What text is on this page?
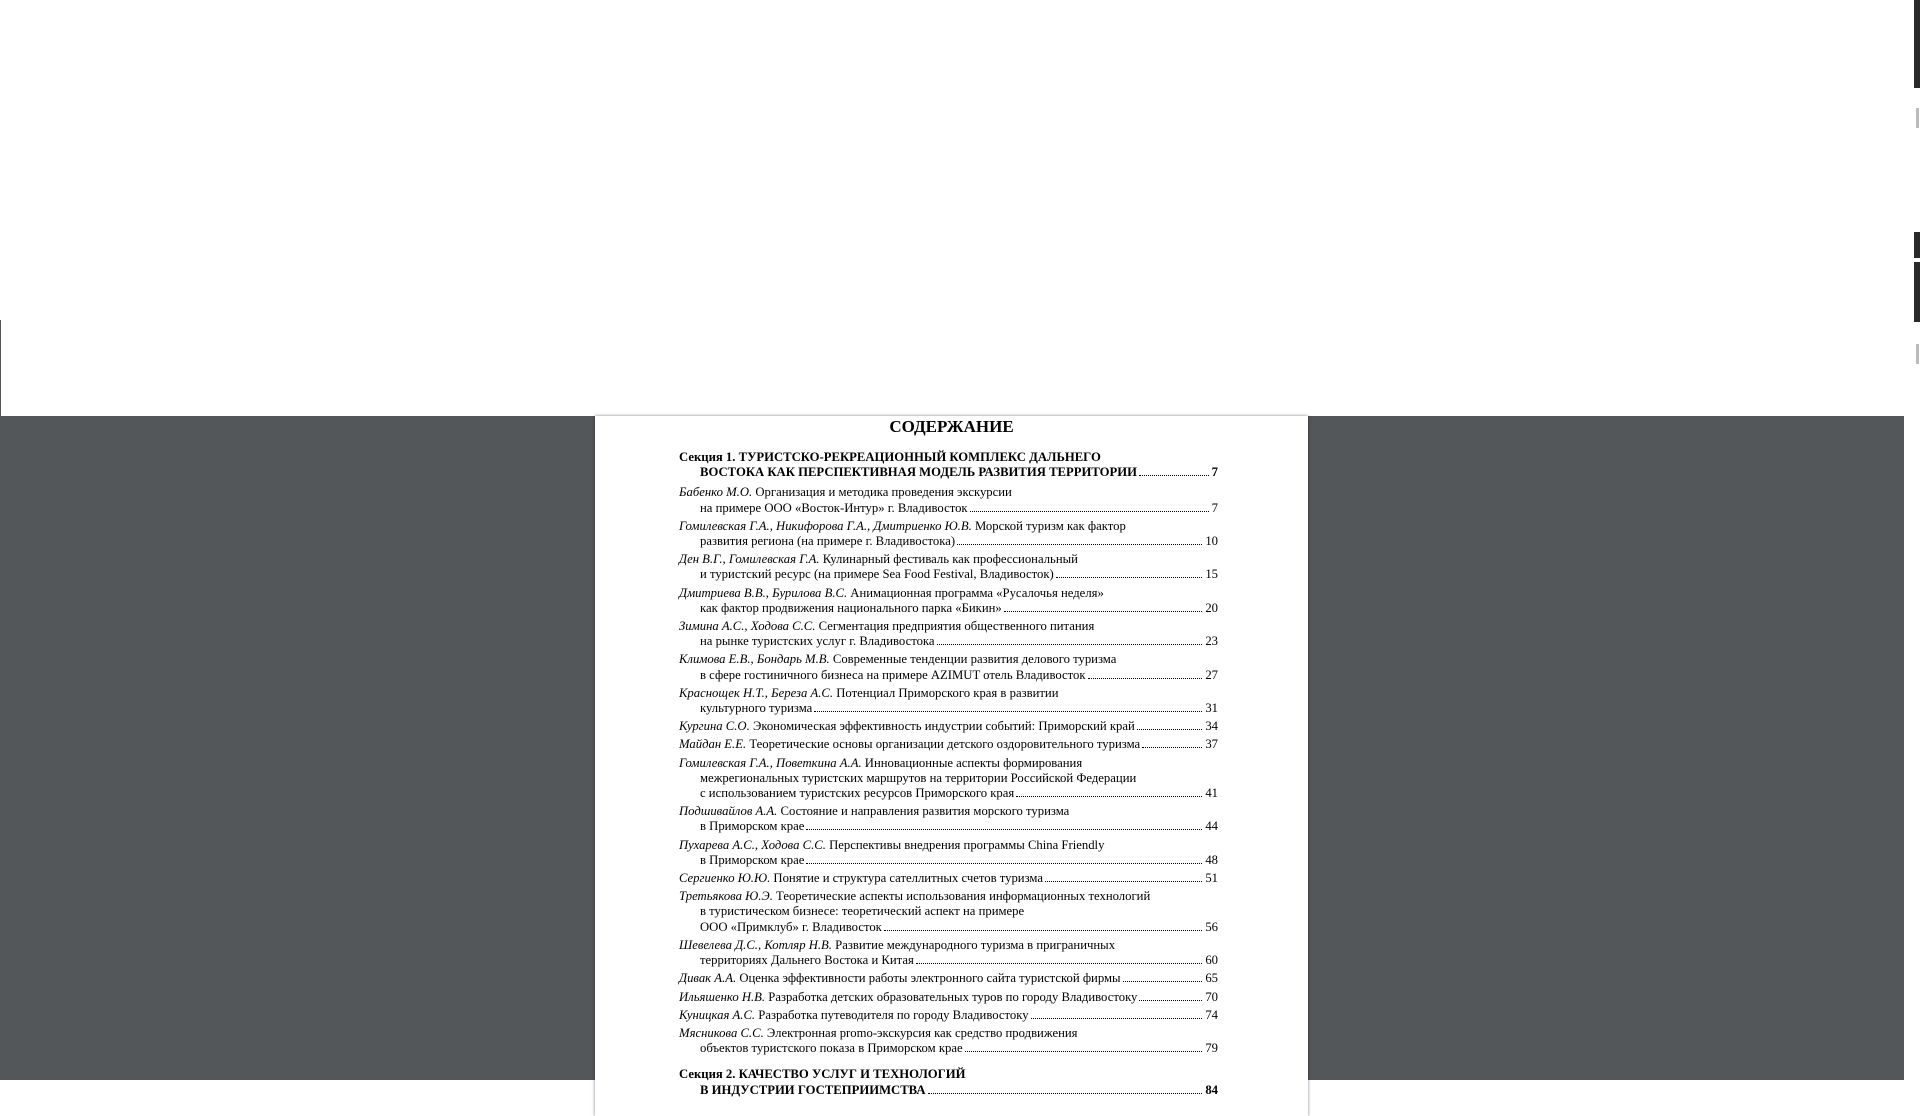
СОДЕРЖАНИЕ
Секция 1. ТУРИСТСКО-РЕКРЕАЦИОННЫЙ КОМПЛЕКС ДАЛЬНЕГО
ВОСТОКА КАК ПЕРСПЕКТИВНАЯ МОДЕЛЬ РАЗВИТИЯ ТЕРРИТОРИИ	7
Бабенко М.О. Организация и методика проведения экскурсии
на примере ООО «Восток-Интур» г. Владивосток	7
Гомилевская Г.А., Никифорова Г.А., Дмитриенко Ю.В. Морской туризм как фактор
развития региона (на примере г. Владивостока)	10
Ден В.Г., Гомилевская Г.А. Кулинарный фестиваль как профессиональный
и туристский ресурс (на примере Sea Food Festival, Владивосток)	15
Дмитриева В.В., Бурилова В.С. Анимационная программа «Русалочья неделя»
как фактор продвижения национального парка «Бикин»	20
Зимина А.С., Ходова С.С. Сегментация предприятия общественного питания
на рынке туристских услуг г. Владивостока	23
Климова Е.В., Бондарь М.В. Современные тенденции развития делового туризма
в сфере гостиничного бизнеса на примере AZIMUT отель Владивосток	27
Краснощек Н.Т., Береза А.С. Потенциал Приморского края в развитии
культурного туризма	31
Кургина С.О. Экономическая эффективность индустрии событий: Приморский край	34
Майдан Е.Е. Теоретические основы организации детского оздоровительного туризма	37
Гомилевская Г.А., Поветкина А.А. Инновационные аспекты формирования
межрегиональных туристских маршрутов на территории Российской Федерации
с использованием туристских ресурсов Приморского края	41
Подшивайлов А.А. Состояние и направления развития морского туризма
в Приморском крае	44
Пухарева А.С., Ходова С.С. Перспективы внедрения программы China Friendly
в Приморском крае	48
Сергиенко Ю.Ю. Понятие и структура сателлитных счетов туризма	51
Третьякова Ю.Э. Теоретические аспекты использования информационных технологий
в туристическом бизнесе: теоретический аспект на примере
ООО «Примклуб» г. Владивосток	56
Шевелева Д.С., Котляр Н.В. Развитие международного туризма в приграничных
территориях Дальнего Востока и Китая	60
Дивак А.А. Оценка эффективности работы электронного сайта туристской фирмы	65
Ильяшенко Н.В. Разработка детских образовательных туров по городу Владивостоку	70
Куницкая А.С. Разработка путеводителя по городу Владивостоку	74
Мясникова С.С. Электронная promo-экскурсия как средство продвижения
объектов туристского показа в Приморском крае	79
Секция 2. КАЧЕСТВО УСЛУГ И ТЕХНОЛОГИЙ
В ИНДУСТРИИ ГОСТЕПРИИМСТВА	84
